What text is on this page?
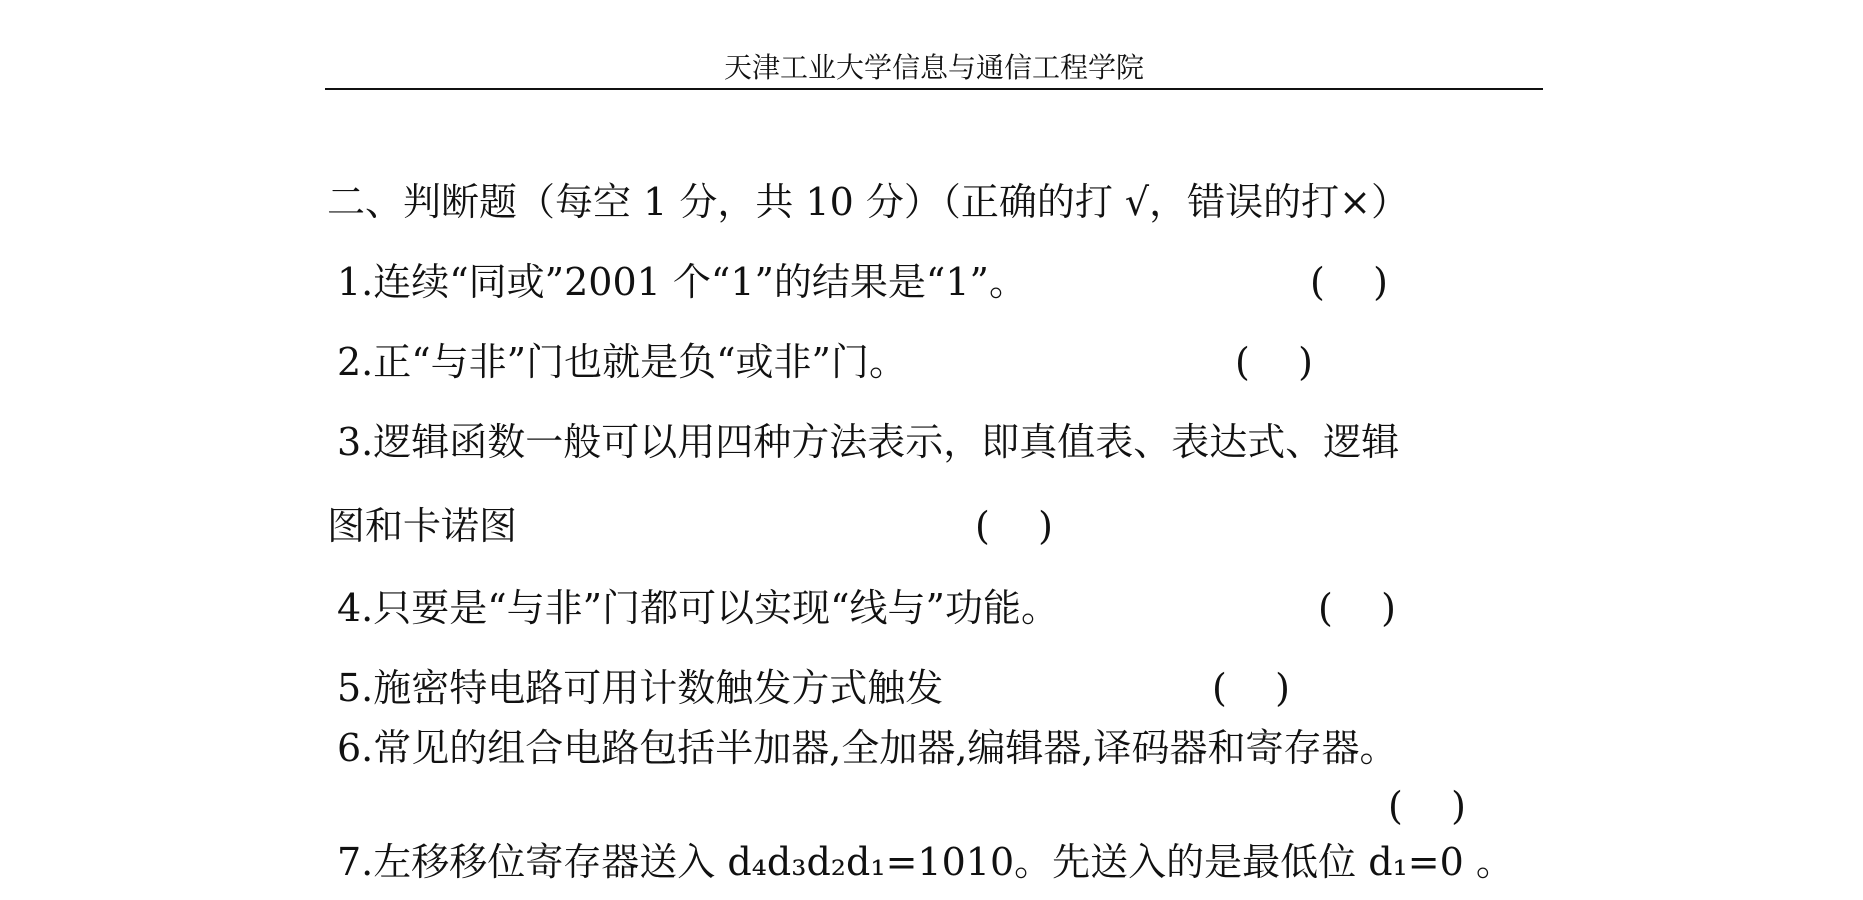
天津工业大学信息与通信工程学院
二、判断题（每空 1 分，共 10 分）（正确的打 √，错误的打×）
1.连续“同或”2001 个“1”的结果是“1”。	(    )
2.正“与非”门也就是负“或非”门。	(    )
3.逻辑函数一般可以用四种方法表示，即真值表、表达式、逻辑
图和卡诺图	(    )
4.只要是“与非”门都可以实现“线与”功能。	(    )
5.施密特电路可用计数触发方式触发	(    )
6.常见的组合电路包括半加器,全加器,编辑器,译码器和寄存器。
(    )
7.左移移位寄存器送入 d₄d₃d₂d₁=1010。先送入的是最低位 d₁=0 。
